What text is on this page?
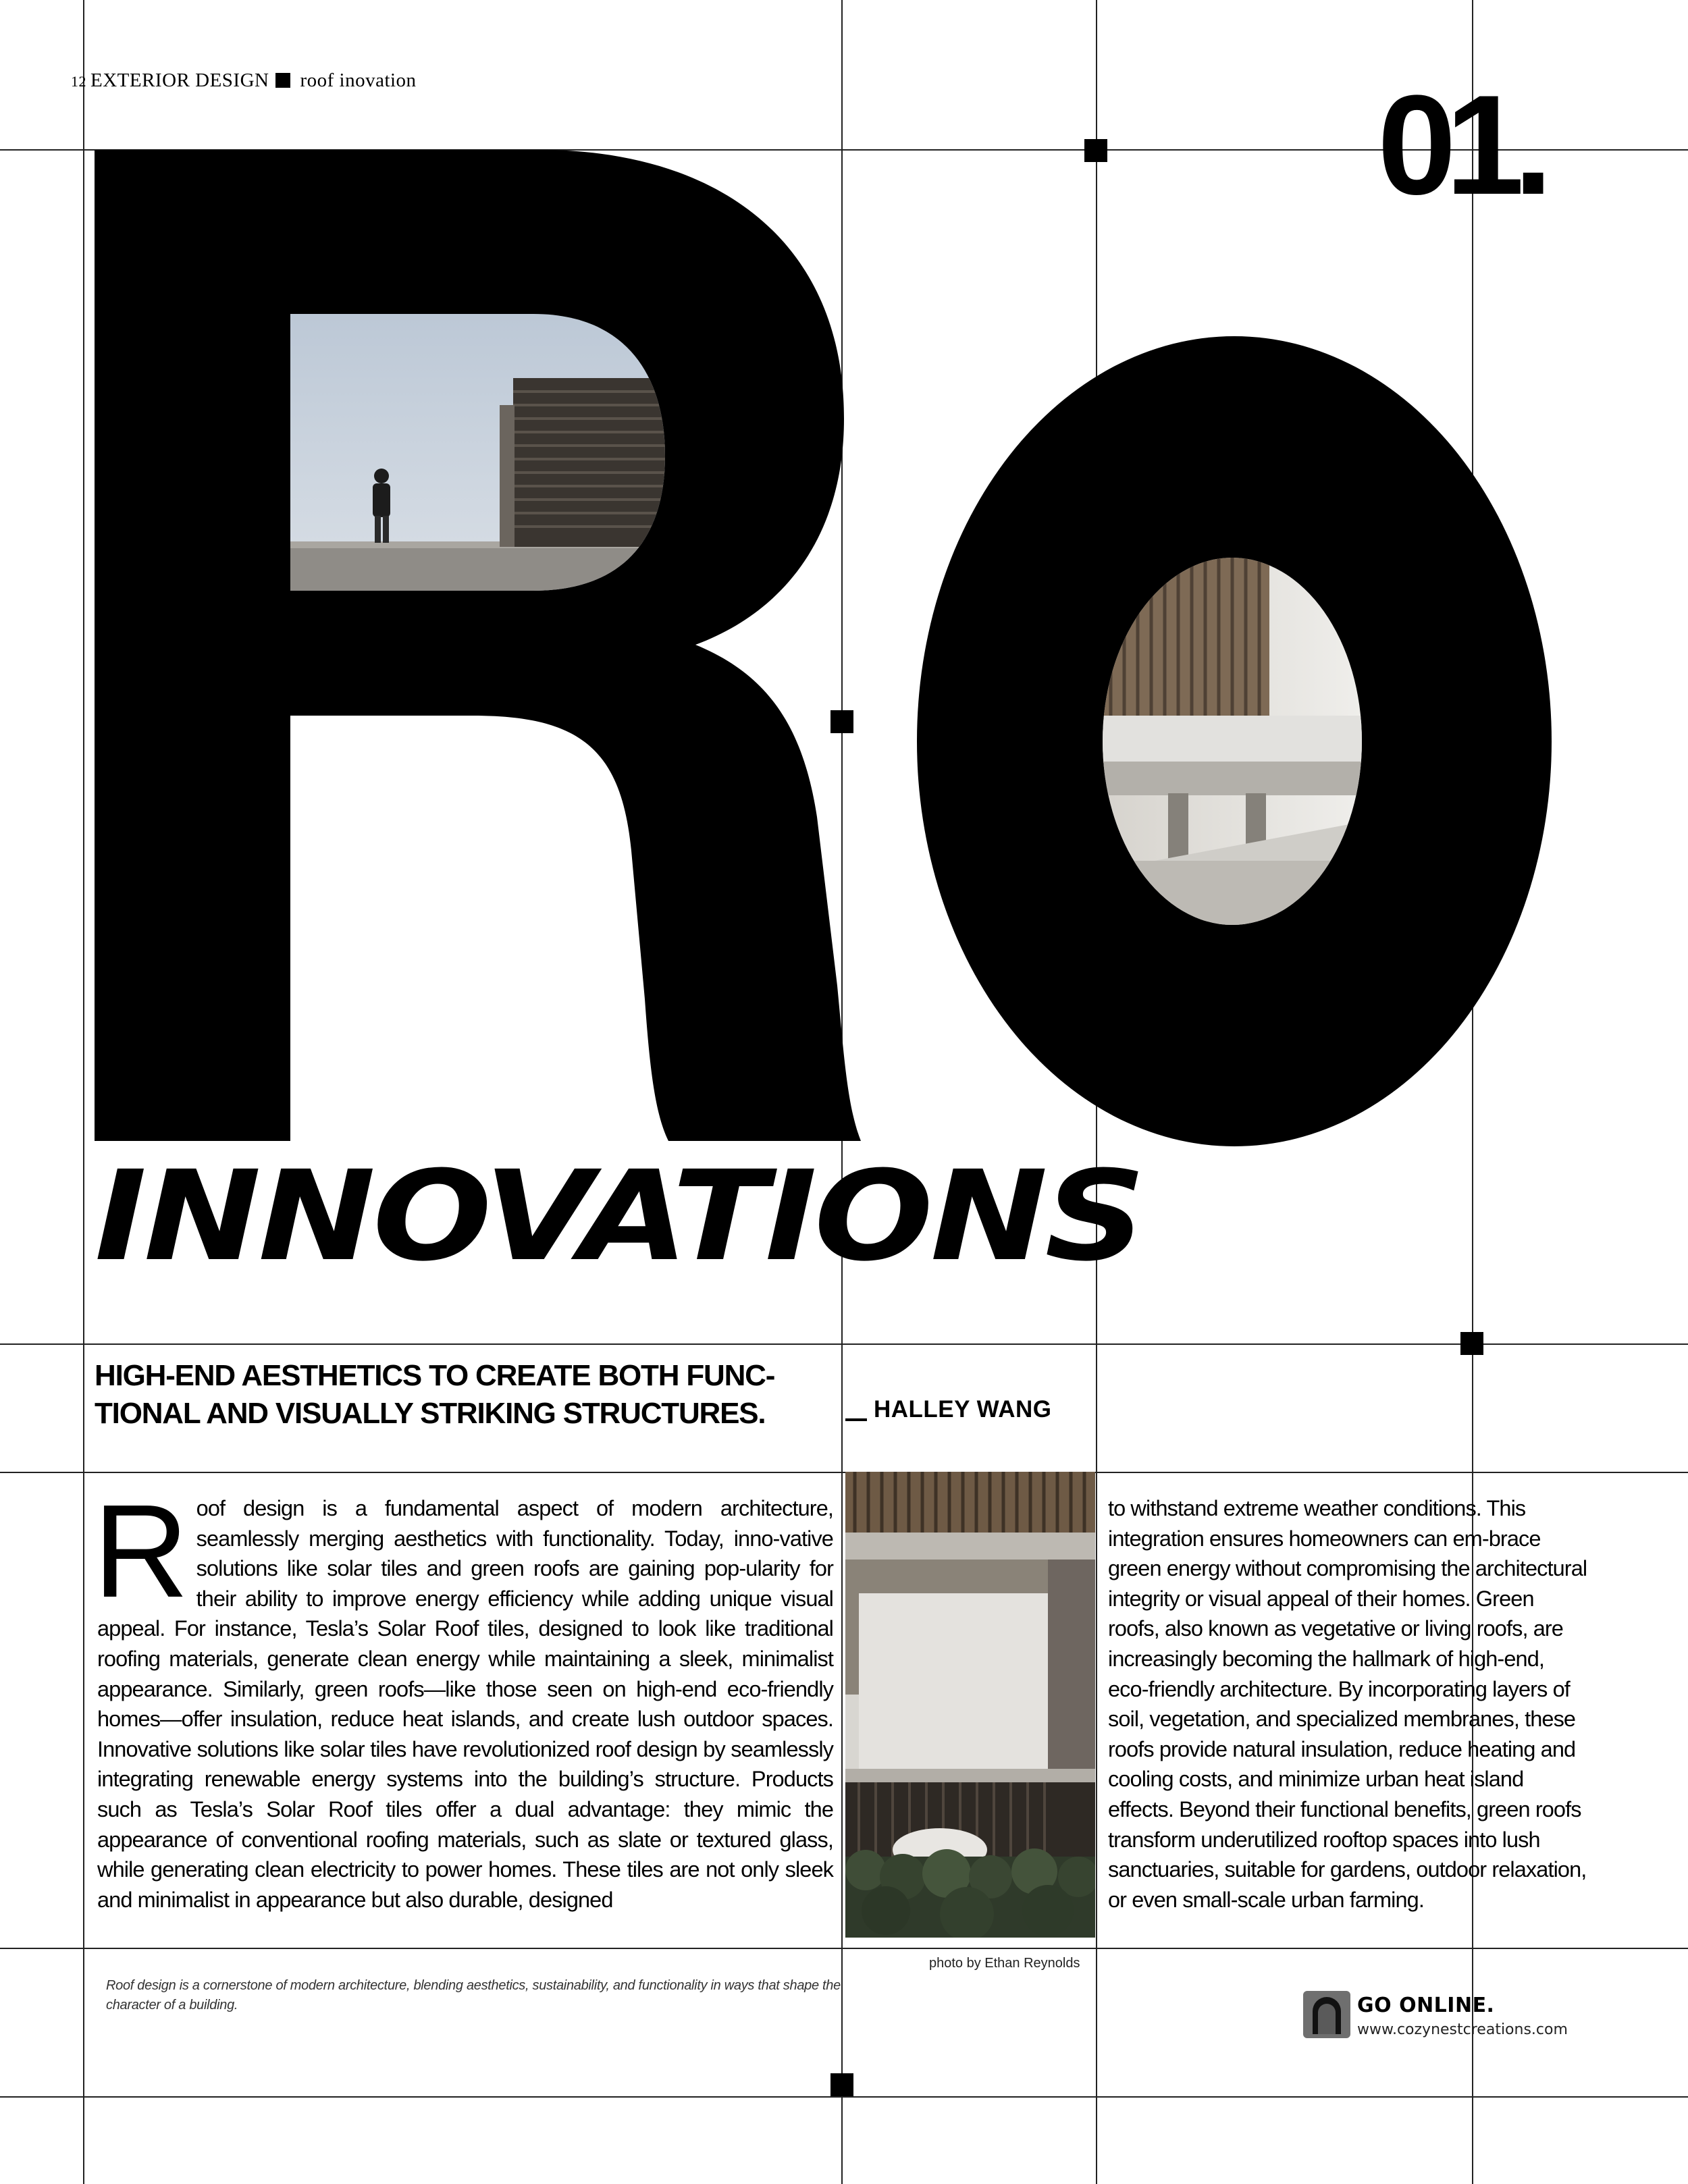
12 EXTERIOR DESIGN roof inovation	01.
INNOVATIONS
HIGH-END AESTHETICS TO CREATE BOTH FUNC-TIONAL AND VISUALLY STRIKING STRUCTURES.	HALLEY WANG
R oof design is a fundamental aspect of modern architecture, seamlessly merging aesthetics with functionality. Today, inno-vative solutions like solar tiles and green roofs are gaining pop-ularity for their ability to improve energy efficiency while adding unique visual appeal. For instance, Tesla’s Solar Roof tiles, designed to look like traditional roofing materials, generate clean energy while maintaining a sleek, minimalist appearance. Similarly, green roofs—like those seen on high-end eco-friendly homes—offer insulation, reduce heat islands, and create lush outdoor spaces. Innovative solutions like solar tiles have revolutionized roof design by seamlessly integrating renewable energy systems into the building’s structure. Products such as Tesla’s Solar Roof tiles offer a dual advantage: they mimic the appearance of conventional roofing materials, such as slate or textured glass, while generating clean electricity to power homes. These tiles are not only sleek and minimalist in appearance but also durable, designed
photo by Ethan Reynolds
to withstand extreme weather conditions. This integration ensures homeowners can em-brace green energy without compromising the architectural integrity or visual appeal of their homes. Green roofs, also known as vegetative or living roofs, are increasingly becoming the hallmark of high-end, eco-friendly architecture. By incorporating layers of soil, vegetation, and specialized membranes, these roofs provide natural insulation, reduce heating and cooling costs, and minimize urban heat island effects. Beyond their functional benefits, green roofs transform underutilized rooftop spaces into lush sanctuaries, suitable for gardens, outdoor relaxation, or even small-scale urban farming.
Roof design is a cornerstone of modern architecture, blending aesthetics, sustainability, and functionality in ways that shape the character of a building.	GO ONLINE.
www.cozynestcreations.com
